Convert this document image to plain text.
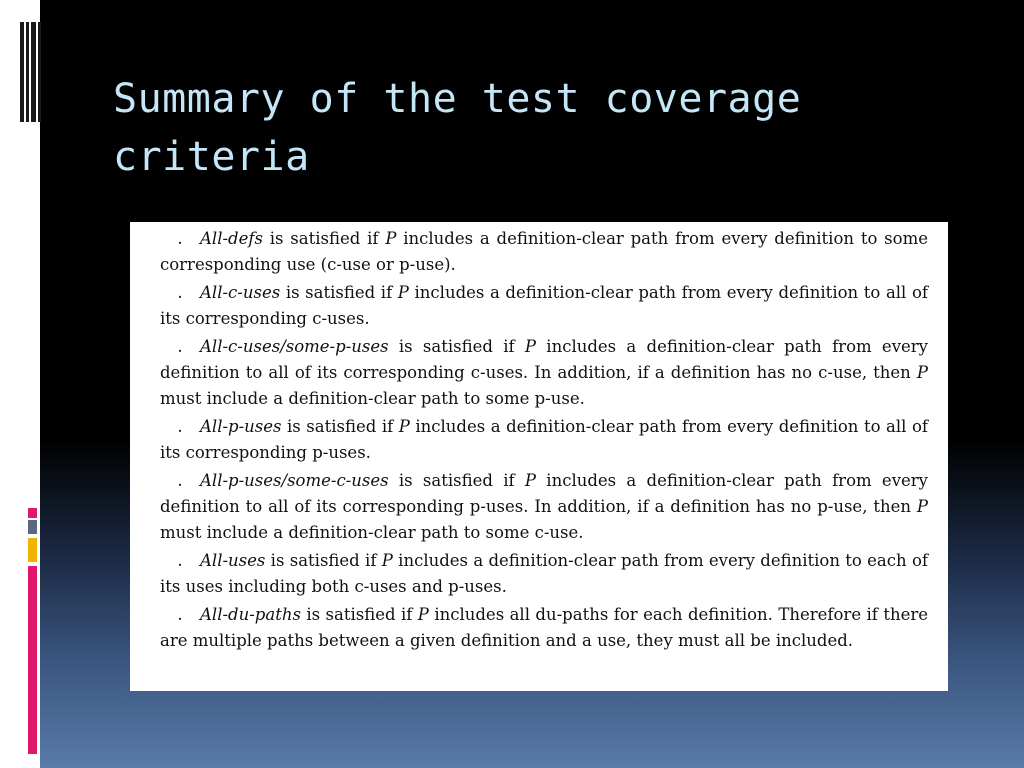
Summary of the test coverage criteria

. All-defs is satisfied if P includes a definition-clear path from every definition to some corresponding use (c-use or p-use).

. All-c-uses is satisfied if P includes a definition-clear path from every definition to all of its corresponding c-uses.

. All-c-uses/some-p-uses is satisfied if P includes a definition-clear path from every definition to all of its corresponding c-uses. In addition, if a definition has no c-use, then P must include a definition-clear path to some p-use.

. All-p-uses is satisfied if P includes a definition-clear path from every definition to all of its corresponding p-uses.

. All-p-uses/some-c-uses is satisfied if P includes a definition-clear path from every definition to all of its corresponding p-uses. In addition, if a definition has no p-use, then P must include a definition-clear path to some c-use.

. All-uses is satisfied if P includes a definition-clear path from every definition to each of its uses including both c-uses and p-uses.

. All-du-paths is satisfied if P includes all du-paths for each definition. Therefore if there are multiple paths between a given definition and a use, they must all be included.
